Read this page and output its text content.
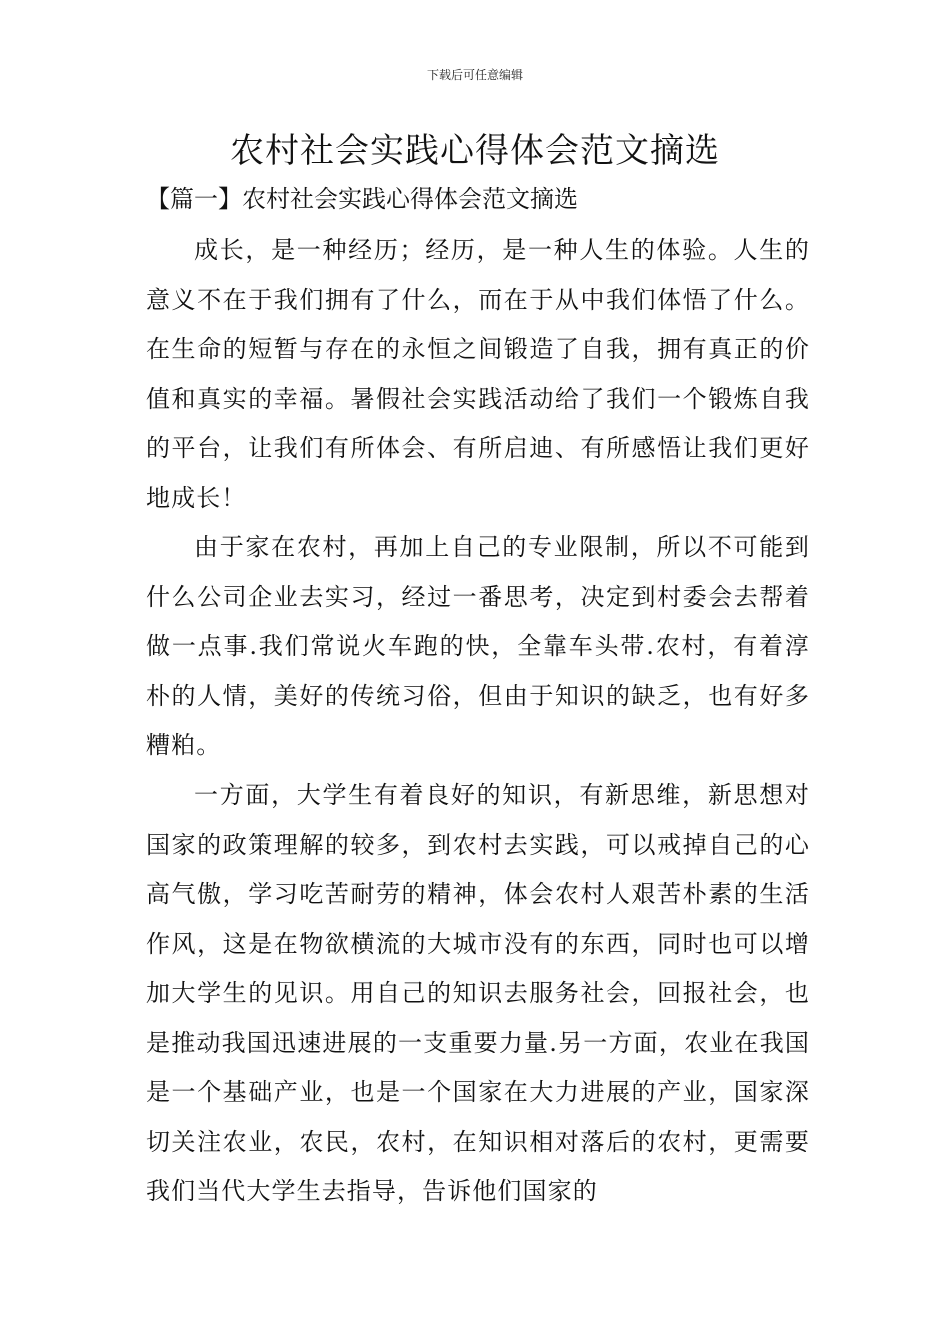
下载后可任意编辑
农村社会实践心得体会范文摘选
【篇一】农村社会实践心得体会范文摘选

成长，是一种经历；经历，是一种人生的体验。人生的意义不在于我们拥有了什么，而在于从中我们体悟了什么。在生命的短暂与存在的永恒之间锻造了自我，拥有真正的价值和真实的幸福。暑假社会实践活动给了我们一个锻炼自我的平台，让我们有所体会、有所启迪、有所感悟让我们更好地成长！

由于家在农村，再加上自己的专业限制，所以不可能到什么公司企业去实习，经过一番思考，决定到村委会去帮着做一点事.我们常说火车跑的快，全靠车头带.农村，有着淳朴的人情，美好的传统习俗，但由于知识的缺乏，也有好多糟粕。

一方面，大学生有着良好的知识，有新思维，新思想对国家的政策理解的较多，到农村去实践，可以戒掉自己的心高气傲，学习吃苦耐劳的精神，体会农村人艰苦朴素的生活作风，这是在物欲横流的大城市没有的东西，同时也可以增加大学生的见识。用自己的知识去服务社会，回报社会，也是推动我国迅速进展的一支重要力量.另一方面，农业在我国是一个基础产业，也是一个国家在大力进展的产业，国家深切关注农业，农民，农村，在知识相对落后的农村，更需要我们当代大学生去指导，告诉他们国家的
